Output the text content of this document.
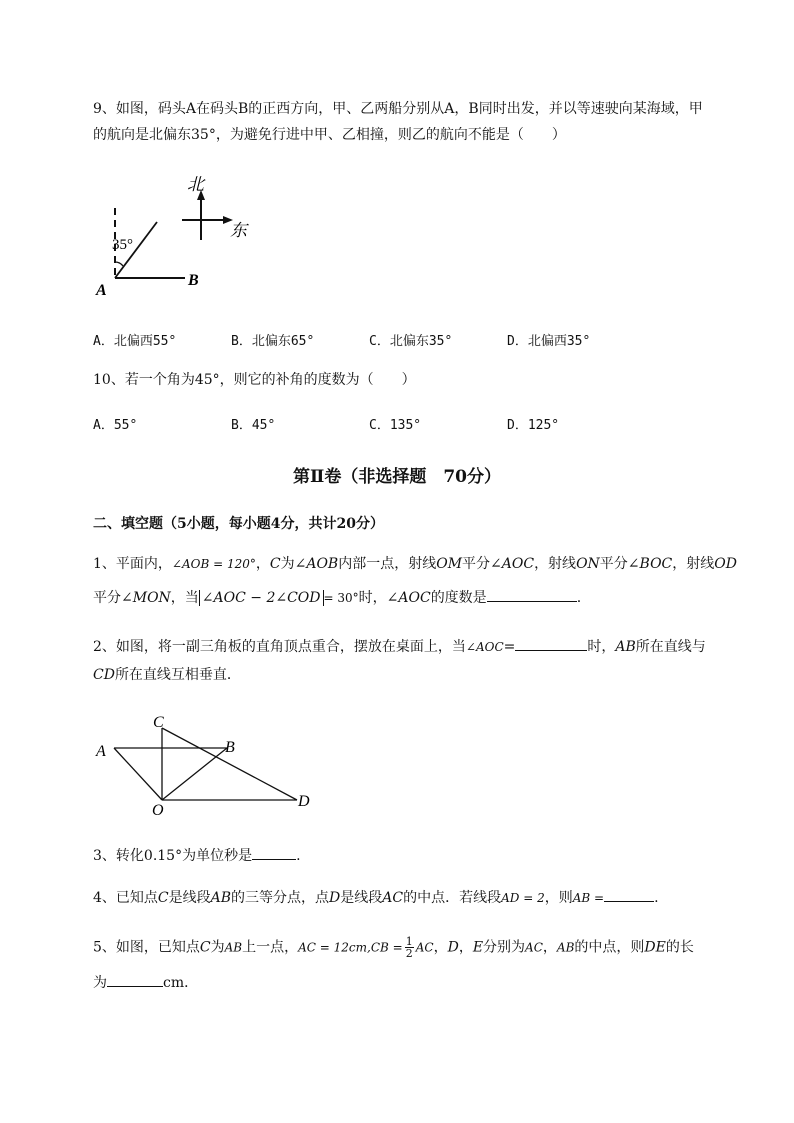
9、如图，码头A在码头B的正西方向，甲、乙两船分别从A，B同时出发，并以等速驶向某海域，甲
的航向是北偏东35°，为避免行进中甲、乙相撞，则乙的航向不能是（　　）
35°
A
B
北
东
A．北偏西55°	B．北偏东65°	C．北偏东35°	D．北偏西35°
10、若一个角为45°，则它的补角的度数为（　　）
A．55°	B．45°	C．135°	D．125°
第Ⅱ卷（非选择题　70分）
二、填空题（5小题，每小题4分，共计20分）
1、平面内，∠AOB = 120°，C为∠AOB内部一点，射线OM平分∠AOC，射线ON平分∠BOC，射线OD
平分∠MON，当 ∠AOC − 2∠COD = 30°时，∠AOC的度数是	.
2、如图，将一副三角板的直角顶点重合，摆放在桌面上，当∠AOC=	时，AB所在直线与
CD所在直线互相垂直．
A	B
C
D
O
3、转化0.15°为单位秒是	.
4、已知点C是线段AB的三等分点，点D是线段AC的中点．若线段AD = 2，则AB =	.
5、如图，已知点C为AB上一点，AC = $12cm,CB = \frac{1}{2}$ AC，D，E分别为AC，AB的中点，则DE的长
为	cm．
